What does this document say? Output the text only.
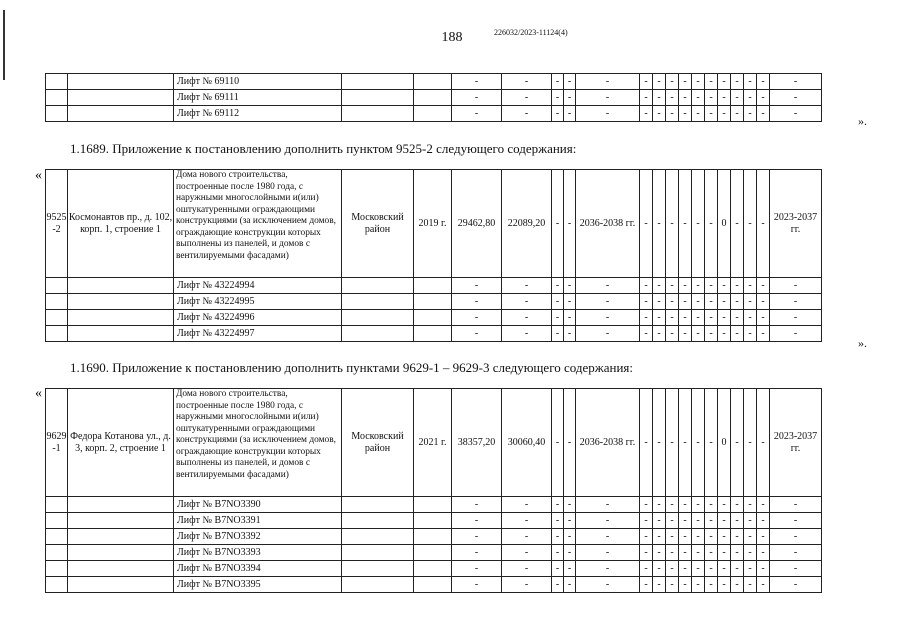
188	226032/2023-11124(4)
		Лифт № 69110			-	-	-	-	-	-	-	-	-	-	-	-	-	-	-	-
		Лифт № 69111			-	-	-	-	-	-	-	-	-	-	-	-	-	-	-	-
		Лифт № 69112			-	-	-	-	-	-	-	-	-	-	-	-	-	-	-	-
».
1.1689. Приложение к постановлению дополнить пунктом 9525-2 следующего содержания:
«
9525 -2	Космонавтов пр., д. 102, корп. 1, строение 1	Дома нового строительства, построенные после 1980 года, с наружными многослойными и(или) оштукатуренными ограждающими конструкциями (за исключением домов, ограждающие конструкции которых выполнены из панелей, и домов с вентилируемыми фасадами)	Московский район	2019 г.	29462,80	22089,20	-	-	2036-2038 гг.	-	-	-	-	-	-	0	-	-	-	2023-2037 гг.
		Лифт № 43224994			-	-	-	-	-	-	-	-	-	-	-	-	-	-	-	-
		Лифт № 43224995			-	-	-	-	-	-	-	-	-	-	-	-	-	-	-	-
		Лифт № 43224996			-	-	-	-	-	-	-	-	-	-	-	-	-	-	-	-
		Лифт № 43224997			-	-	-	-	-	-	-	-	-	-	-	-	-	-	-	-
».
1.1690. Приложение к постановлению дополнить пунктами 9629-1 – 9629-3 следующего содержания:
«
9629 -1	Федора Котанова ул., д. 3, корп. 2, строение 1	Дома нового строительства, построенные после 1980 года, с наружными многослойными и(или) оштукатуренными ограждающими конструкциями (за исключением домов, ограждающие конструкции которых выполнены из панелей, и домов с вентилируемыми фасадами)	Московский район	2021 г.	38357,20	30060,40	-	-	2036-2038 гг.	-	-	-	-	-	-	0	-	-	-	2023-2037 гг.
		Лифт № B7NO3390			-	-	-	-	-	-	-	-	-	-	-	-	-	-	-	-
		Лифт № B7NO3391			-	-	-	-	-	-	-	-	-	-	-	-	-	-	-	-
		Лифт № B7NO3392			-	-	-	-	-	-	-	-	-	-	-	-	-	-	-	-
		Лифт № B7NO3393			-	-	-	-	-	-	-	-	-	-	-	-	-	-	-	-
		Лифт № B7NO3394			-	-	-	-	-	-	-	-	-	-	-	-	-	-	-	-
		Лифт № B7NO3395			-	-	-	-	-	-	-	-	-	-	-	-	-	-	-	-
